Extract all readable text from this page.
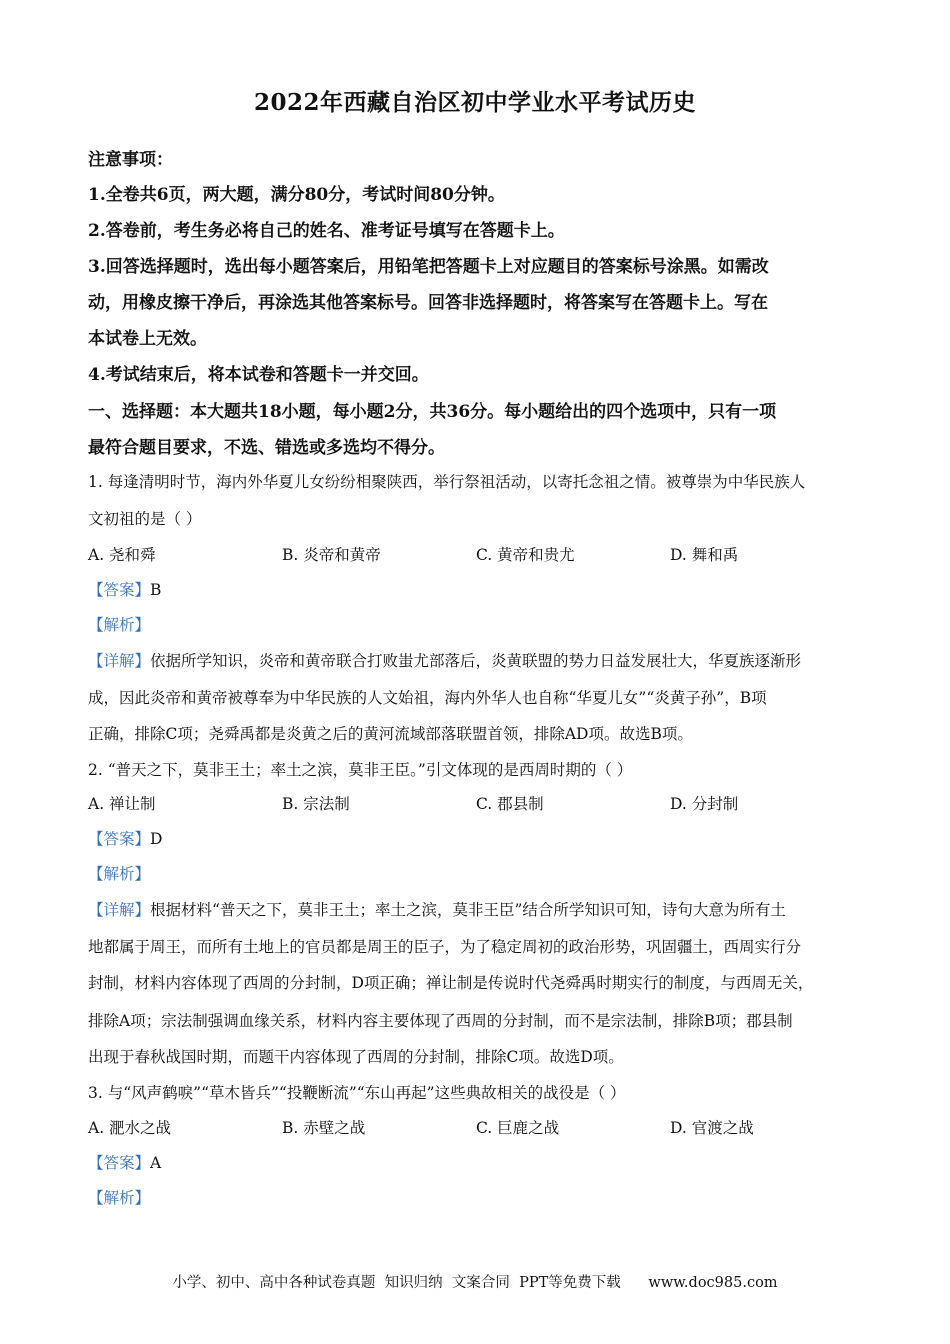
2022年西藏自治区初中学业水平考试历史
注意事项：
1.全卷共6页，两大题，满分80分，考试时间80分钟。
2.答卷前，考生务必将自己的姓名、准考证号填写在答题卡上。
3.回答选择题时，选出每小题答案后，用铅笔把答题卡上对应题目的答案标号涂黑。如需改
动，用橡皮擦干净后，再涂选其他答案标号。回答非选择题时，将答案写在答题卡上。写在
本试卷上无效。
4.考试结束后，将本试卷和答题卡一并交回。
一、选择题：本大题共18小题，每小题2分，共36分。每小题给出的四个选项中，只有一项
最符合题目要求，不选、错选或多选均不得分。
1. 每逢清明时节，海内外华夏儿女纷纷相聚陕西，举行祭祖活动，以寄托念祖之情。被尊崇为中华民族人
文初祖的是（ ）
A. 尧和舜	B. 炎帝和黄帝	C. 黄帝和贵尤	D. 舞和禹
【答案】B
【解析】
【详解】依据所学知识，炎帝和黄帝联合打败蚩尤部落后，炎黄联盟的势力日益发展壮大，华夏族逐渐形
成，因此炎帝和黄帝被尊奉为中华民族的人文始祖，海内外华人也自称“华夏儿女”“炎黄子孙”，B项
正确，排除C项；尧舜禹都是炎黄之后的黄河流域部落联盟首领，排除AD项。故选B项。
2. “普天之下，莫非王土；率土之滨，莫非王臣。”引文体现的是西周时期的（ ）
A. 禅让制	B. 宗法制	C. 郡县制	D. 分封制
【答案】D
【解析】
【详解】根据材料“普天之下，莫非王土；率土之滨，莫非王臣”结合所学知识可知，诗句大意为所有土
地都属于周王，而所有土地上的官员都是周王的臣子，为了稳定周初的政治形势，巩固疆土，西周实行分
封制，材料内容体现了西周的分封制，D项正确；禅让制是传说时代尧舜禹时期实行的制度，与西周无关，
排除A项；宗法制强调血缘关系，材料内容主要体现了西周的分封制，而不是宗法制，排除B项；郡县制
出现于春秋战国时期，而题干内容体现了西周的分封制，排除C项。故选D项。
3. 与“风声鹤唳”“草木皆兵”“投鞭断流”“东山再起”这些典故相关的战役是（ ）
A. 淝水之战	B. 赤壁之战	C. 巨鹿之战	D. 官渡之战
【答案】A
【解析】
小学、初中、高中各种试卷真题  知识归纳  文案合同  PPT等免费下载      www.doc985.com
